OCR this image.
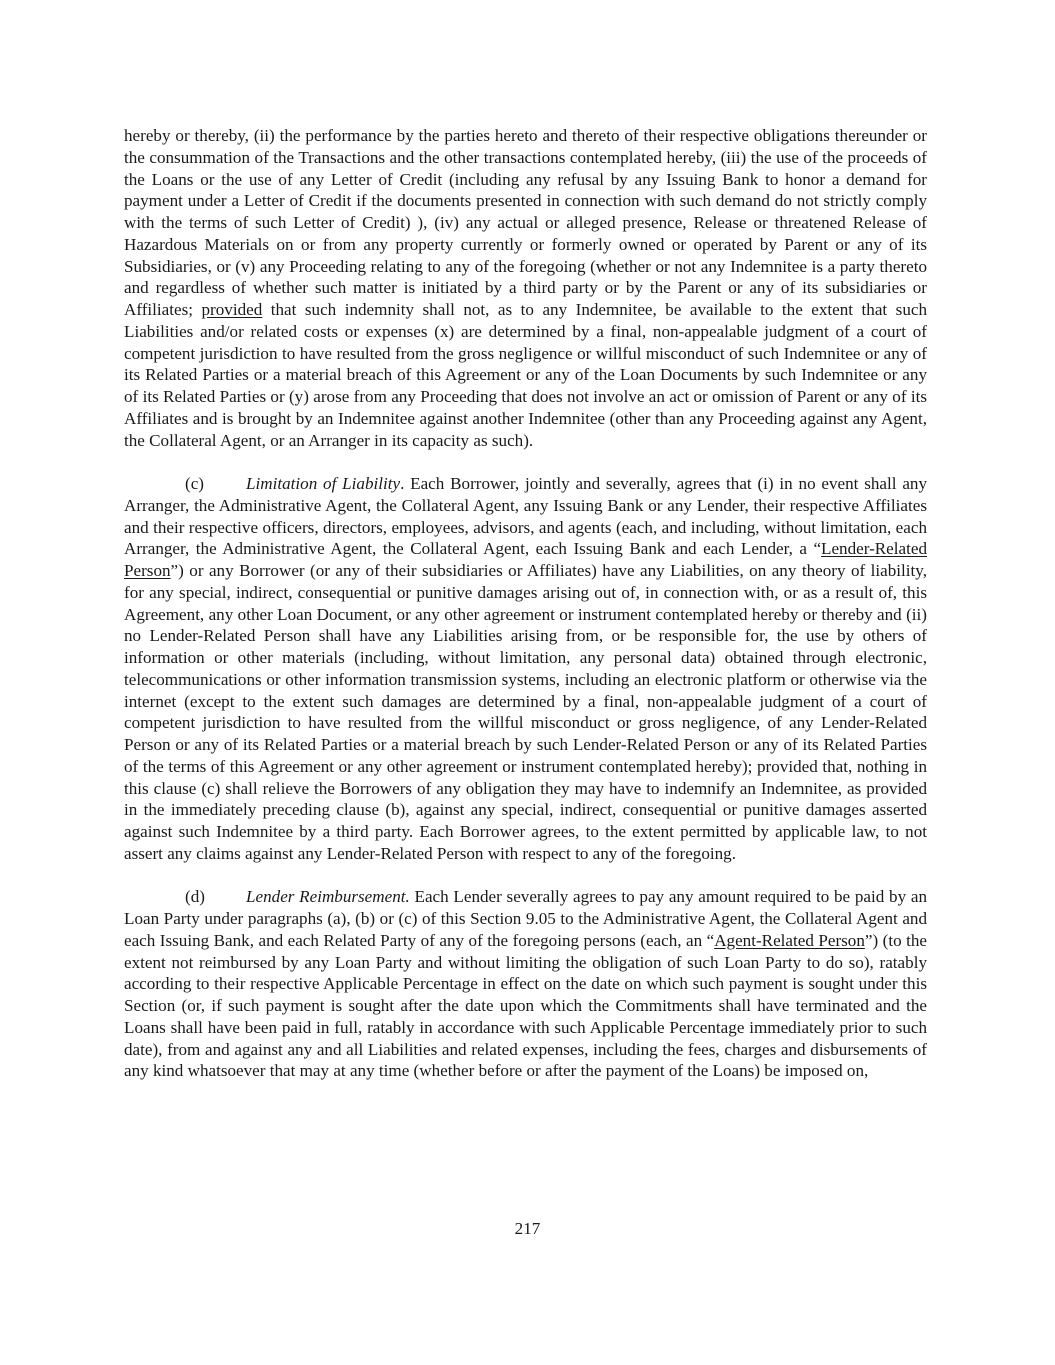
hereby or thereby, (ii) the performance by the parties hereto and thereto of their respective obligations thereunder or the consummation of the Transactions and the other transactions contemplated hereby, (iii) the use of the proceeds of the Loans or the use of any Letter of Credit (including any refusal by any Issuing Bank to honor a demand for payment under a Letter of Credit if the documents presented in connection with such demand do not strictly comply with the terms of such Letter of Credit) ), (iv) any actual or alleged presence, Release or threatened Release of Hazardous Materials on or from any property currently or formerly owned or operated by Parent or any of its Subsidiaries, or (v) any Proceeding relating to any of the foregoing (whether or not any Indemnitee is a party thereto and regardless of whether such matter is initiated by a third party or by the Parent or any of its subsidiaries or Affiliates; provided that such indemnity shall not, as to any Indemnitee, be available to the extent that such Liabilities and/or related costs or expenses (x) are determined by a final, non-appealable judgment of a court of competent jurisdiction to have resulted from the gross negligence or willful misconduct of such Indemnitee or any of its Related Parties or a material breach of this Agreement or any of the Loan Documents by such Indemnitee or any of its Related Parties or (y) arose from any Proceeding that does not involve an act or omission of Parent or any of its Affiliates and is brought by an Indemnitee against another Indemnitee (other than any Proceeding against any Agent, the Collateral Agent, or an Arranger in its capacity as such).

(c) Limitation of Liability. Each Borrower, jointly and severally, agrees that (i) in no event shall any Arranger, the Administrative Agent, the Collateral Agent, any Issuing Bank or any Lender, their respective Affiliates and their respective officers, directors, employees, advisors, and agents (each, and including, without limitation, each Arranger, the Administrative Agent, the Collateral Agent, each Issuing Bank and each Lender, a “Lender-Related Person”) or any Borrower (or any of their subsidiaries or Affiliates) have any Liabilities, on any theory of liability, for any special, indirect, consequential or punitive damages arising out of, in connection with, or as a result of, this Agreement, any other Loan Document, or any other agreement or instrument contemplated hereby or thereby and (ii) no Lender-Related Person shall have any Liabilities arising from, or be responsible for, the use by others of information or other materials (including, without limitation, any personal data) obtained through electronic, telecommunications or other information transmission systems, including an electronic platform or otherwise via the internet (except to the extent such damages are determined by a final, non-appealable judgment of a court of competent jurisdiction to have resulted from the willful misconduct or gross negligence, of any Lender-Related Person or any of its Related Parties or a material breach by such Lender-Related Person or any of its Related Parties of the terms of this Agreement or any other agreement or instrument contemplated hereby); provided that, nothing in this clause (c) shall relieve the Borrowers of any obligation they may have to indemnify an Indemnitee, as provided in the immediately preceding clause (b), against any special, indirect, consequential or punitive damages asserted against such Indemnitee by a third party. Each Borrower agrees, to the extent permitted by applicable law, to not assert any claims against any Lender-Related Person with respect to any of the foregoing.

(d) Lender Reimbursement. Each Lender severally agrees to pay any amount required to be paid by an Loan Party under paragraphs (a), (b) or (c) of this Section 9.05 to the Administrative Agent, the Collateral Agent and each Issuing Bank, and each Related Party of any of the foregoing persons (each, an “Agent-Related Person”) (to the extent not reimbursed by any Loan Party and without limiting the obligation of such Loan Party to do so), ratably according to their respective Applicable Percentage in effect on the date on which such payment is sought under this Section (or, if such payment is sought after the date upon which the Commitments shall have terminated and the Loans shall have been paid in full, ratably in accordance with such Applicable Percentage immediately prior to such date), from and against any and all Liabilities and related expenses, including the fees, charges and disbursements of any kind whatsoever that may at any time (whether before or after the payment of the Loans) be imposed on,

217
